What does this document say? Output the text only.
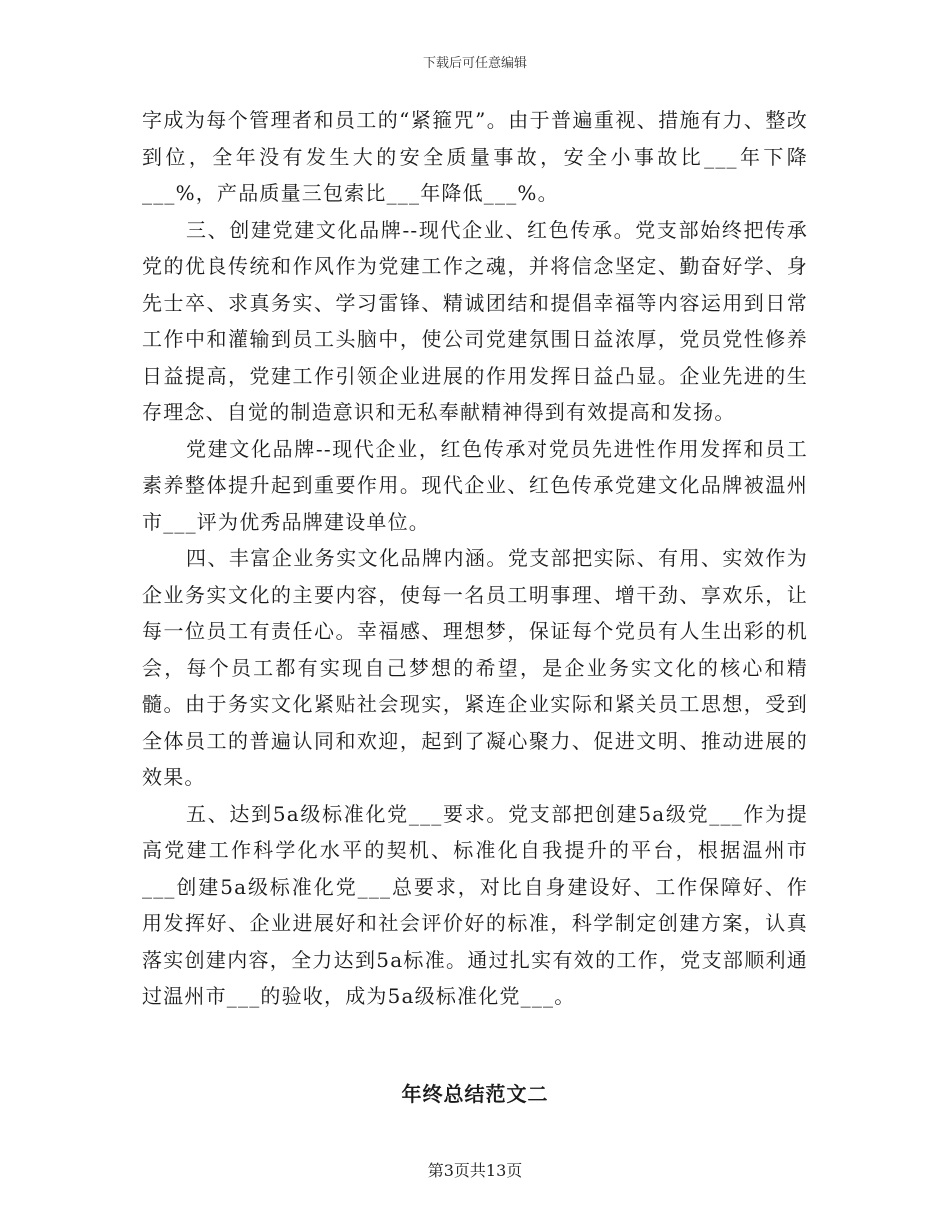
下载后可任意编辑

字成为每个管理者和员工的“紧箍咒”。由于普遍重视、措施有力、整改到位，全年没有发生大的安全质量事故，安全小事故比___年下降___%，产品质量三包索比___年降低___%。

三、创建党建文化品牌--现代企业、红色传承。党支部始终把传承党的优良传统和作风作为党建工作之魂，并将信念坚定、勤奋好学、身先士卒、求真务实、学习雷锋、精诚团结和提倡幸福等内容运用到日常工作中和灌输到员工头脑中，使公司党建氛围日益浓厚，党员党性修养日益提高，党建工作引领企业进展的作用发挥日益凸显。企业先进的生存理念、自觉的制造意识和无私奉献精神得到有效提高和发扬。

党建文化品牌--现代企业，红色传承对党员先进性作用发挥和员工素养整体提升起到重要作用。现代企业、红色传承党建文化品牌被温州市___评为优秀品牌建设单位。

四、丰富企业务实文化品牌内涵。党支部把实际、有用、实效作为企业务实文化的主要内容，使每一名员工明事理、增干劲、享欢乐，让每一位员工有责任心。幸福感、理想梦，保证每个党员有人生出彩的机会，每个员工都有实现自己梦想的希望，是企业务实文化的核心和精髓。由于务实文化紧贴社会现实，紧连企业实际和紧关员工思想，受到全体员工的普遍认同和欢迎，起到了凝心聚力、促进文明、推动进展的效果。

五、达到5a级标准化党___要求。党支部把创建5a级党___作为提高党建工作科学化水平的契机、标准化自我提升的平台，根据温州市___创建5a级标准化党___总要求，对比自身建设好、工作保障好、作用发挥好、企业进展好和社会评价好的标准，科学制定创建方案，认真落实创建内容，全力达到5a标准。通过扎实有效的工作，党支部顺利通过温州市___的验收，成为5a级标准化党___。

年终总结范文二
第3页共13页
